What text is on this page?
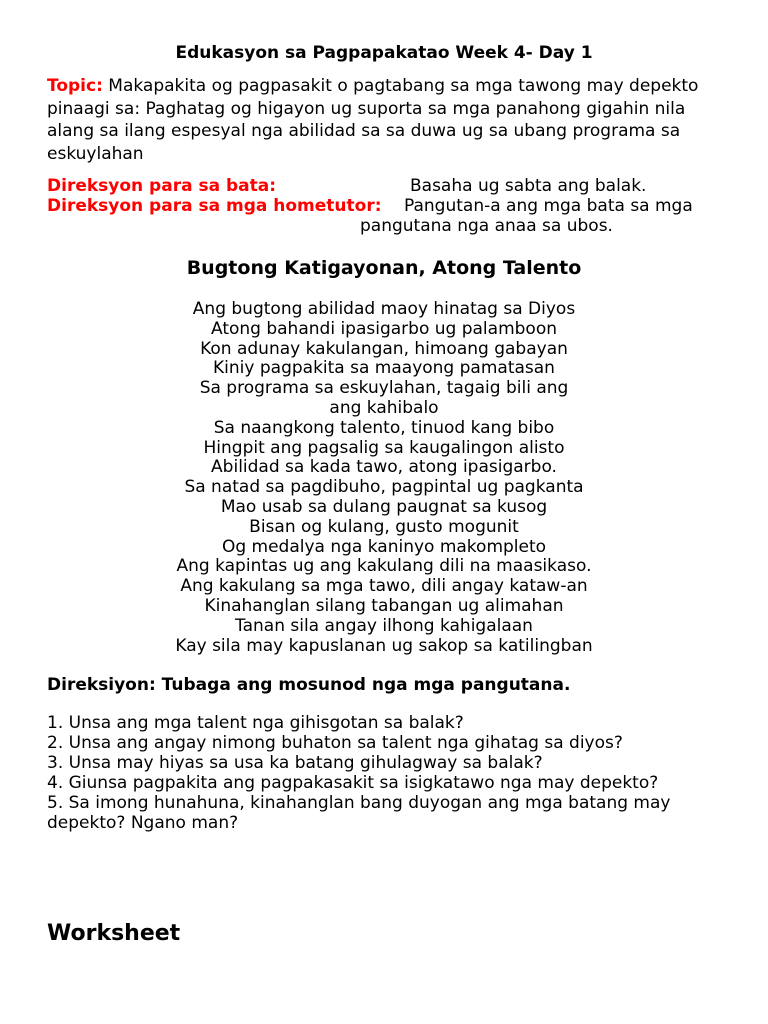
Edukasyon sa Pagpapakatao Week 4- Day 1
Topic: Makapakita og pagpasakit o pagtabang sa mga tawong may depekto pinaagi sa: Paghatag og higayon ug suporta sa mga panahong gigahin nila alang sa ilang espesyal nga abilidad sa sa duwa ug sa ubang programa sa eskuylahan
Direksyon para sa bata:	Basaha ug sabta ang balak.
Direksyon para sa mga hometutor: Pangutan-a ang mga bata sa mga
pangutana nga anaa sa ubos.
Bugtong Katigayonan, Atong Talento
Ang bugtong abilidad maoy hinatag sa Diyos
Atong bahandi ipasigarbo ug palamboon
Kon adunay kakulangan, himoang gabayan
Kiniy pagpakita sa maayong pamatasan
Sa programa sa eskuylahan, tagaig bili ang
ang kahibalo
Sa naangkong talento, tinuod kang bibo
Hingpit ang pagsalig sa kaugalingon alisto
Abilidad sa kada tawo, atong ipasigarbo.
Sa natad sa pagdibuho, pagpintal ug pagkanta
Mao usab sa dulang paugnat sa kusog
Bisan og kulang, gusto mogunit
Og medalya nga kaninyo makompleto
Ang kapintas ug ang kakulang dili na maasikaso.
Ang kakulang sa mga tawo, dili angay kataw-an
Kinahanglan silang tabangan ug alimahan
Tanan sila angay ilhong kahigalaan
Kay sila may kapuslanan ug sakop sa katilingban
Direksiyon: Tubaga ang mosunod nga mga pangutana.
1. Unsa ang mga talent nga gihisgotan sa balak?
2. Unsa ang angay nimong buhaton sa talent nga gihatag sa diyos?
3. Unsa may hiyas sa usa ka batang gihulagway sa balak?
4. Giunsa pagpakita ang pagpakasakit sa isigkatawo nga may depekto?
5. Sa imong hunahuna, kinahanglan bang duyogan ang mga batang may depekto? Ngano man?
Worksheet
